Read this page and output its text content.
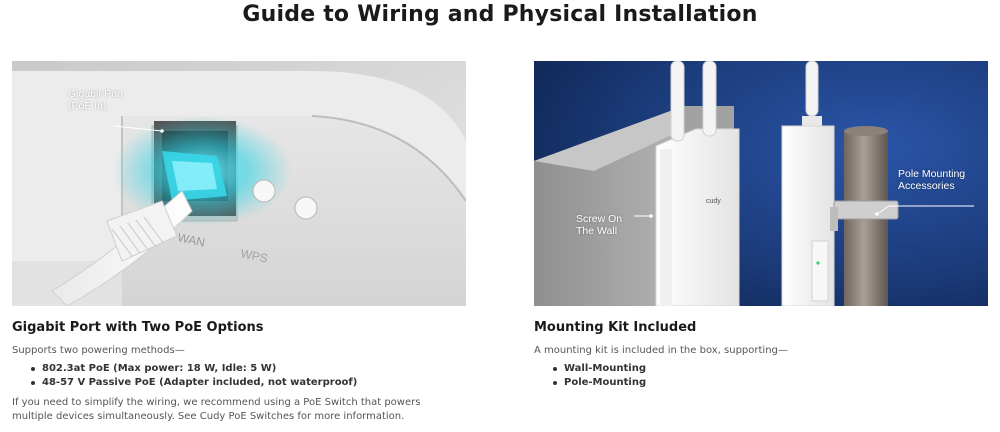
Guide to Wiring and Physical Installation
WAN
WPS
Gigabit Port
(PoE In)
Gigabit Port with Two PoE Options
Supports two powering methods—
802.3at PoE (Max power: 18 W, Idle: 5 W)
48-57 V Passive PoE (Adapter included, not waterproof)
If you need to simplify the wiring, we recommend using a PoE Switch that powers
multiple devices simultaneously. See Cudy PoE Switches for more information.
cudy
Screw On
The Wall
Pole Mounting
Accessories
Mounting Kit Included
A mounting kit is included in the box, supporting—
Wall-Mounting
Pole-Mounting
